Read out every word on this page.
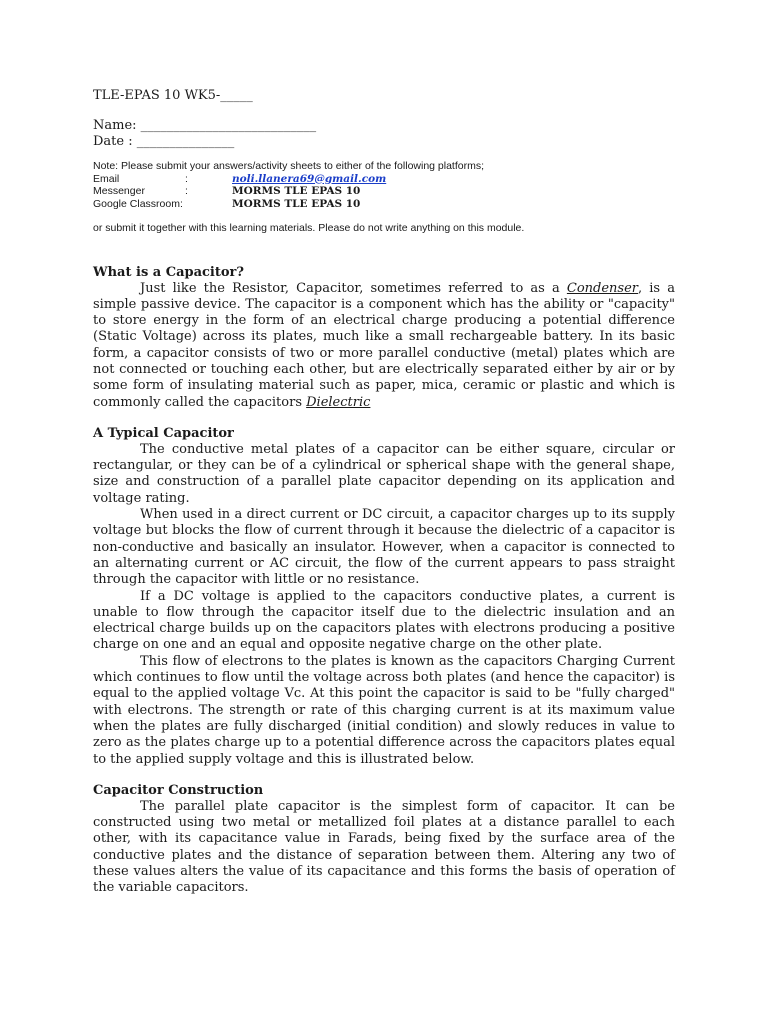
TLE-EPAS 10 WK5-_____
Name: ___________________________
Date : _______________
Note: Please submit your answers/activity sheets to either of the following platforms;
Email	:	noli.llanera69@gmail.com
Messenger	:	MORMS TLE EPAS 10
Google Classroom:	MORMS TLE EPAS 10
or submit it together with this learning materials. Please do not write anything on this module.
What is a Capacitor?

Just like the Resistor, Capacitor, sometimes referred to as a Condenser, is a simple passive device. The capacitor is a component which has the ability or "capacity" to store energy in the form of an electrical charge producing a potential difference (Static Voltage) across its plates, much like a small rechargeable battery. In its basic form, a capacitor consists of two or more parallel conductive (metal) plates which are not connected or touching each other, but are electrically separated either by air or by some form of insulating material such as paper, mica, ceramic or plastic and which is commonly called the capacitors Dielectric

A Typical Capacitor

The conductive metal plates of a capacitor can be either square, circular or rectangular, or they can be of a cylindrical or spherical shape with the general shape, size and construction of a parallel plate capacitor depending on its application and voltage rating.

When used in a direct current or DC circuit, a capacitor charges up to its supply voltage but blocks the flow of current through it because the dielectric of a capacitor is non-conductive and basically an insulator. However, when a capacitor is connected to an alternating current or AC circuit, the flow of the current appears to pass straight through the capacitor with little or no resistance.

If a DC voltage is applied to the capacitors conductive plates, a current is unable to flow through the capacitor itself due to the dielectric insulation and an electrical charge builds up on the capacitors plates with electrons producing a positive charge on one and an equal and opposite negative charge on the other plate.

This flow of electrons to the plates is known as the capacitors Charging Current which continues to flow until the voltage across both plates (and hence the capacitor) is equal to the applied voltage Vc. At this point the capacitor is said to be "fully charged" with electrons. The strength or rate of this charging current is at its maximum value when the plates are fully discharged (initial condition) and slowly reduces in value to zero as the plates charge up to a potential difference across the capacitors plates equal to the applied supply voltage and this is illustrated below.

Capacitor Construction

The parallel plate capacitor is the simplest form of capacitor. It can be constructed using two metal or metallized foil plates at a distance parallel to each other, with its capacitance value in Farads, being fixed by the surface area of the conductive plates and the distance of separation between them. Altering any two of these values alters the value of its capacitance and this forms the basis of operation of the variable capacitors.
